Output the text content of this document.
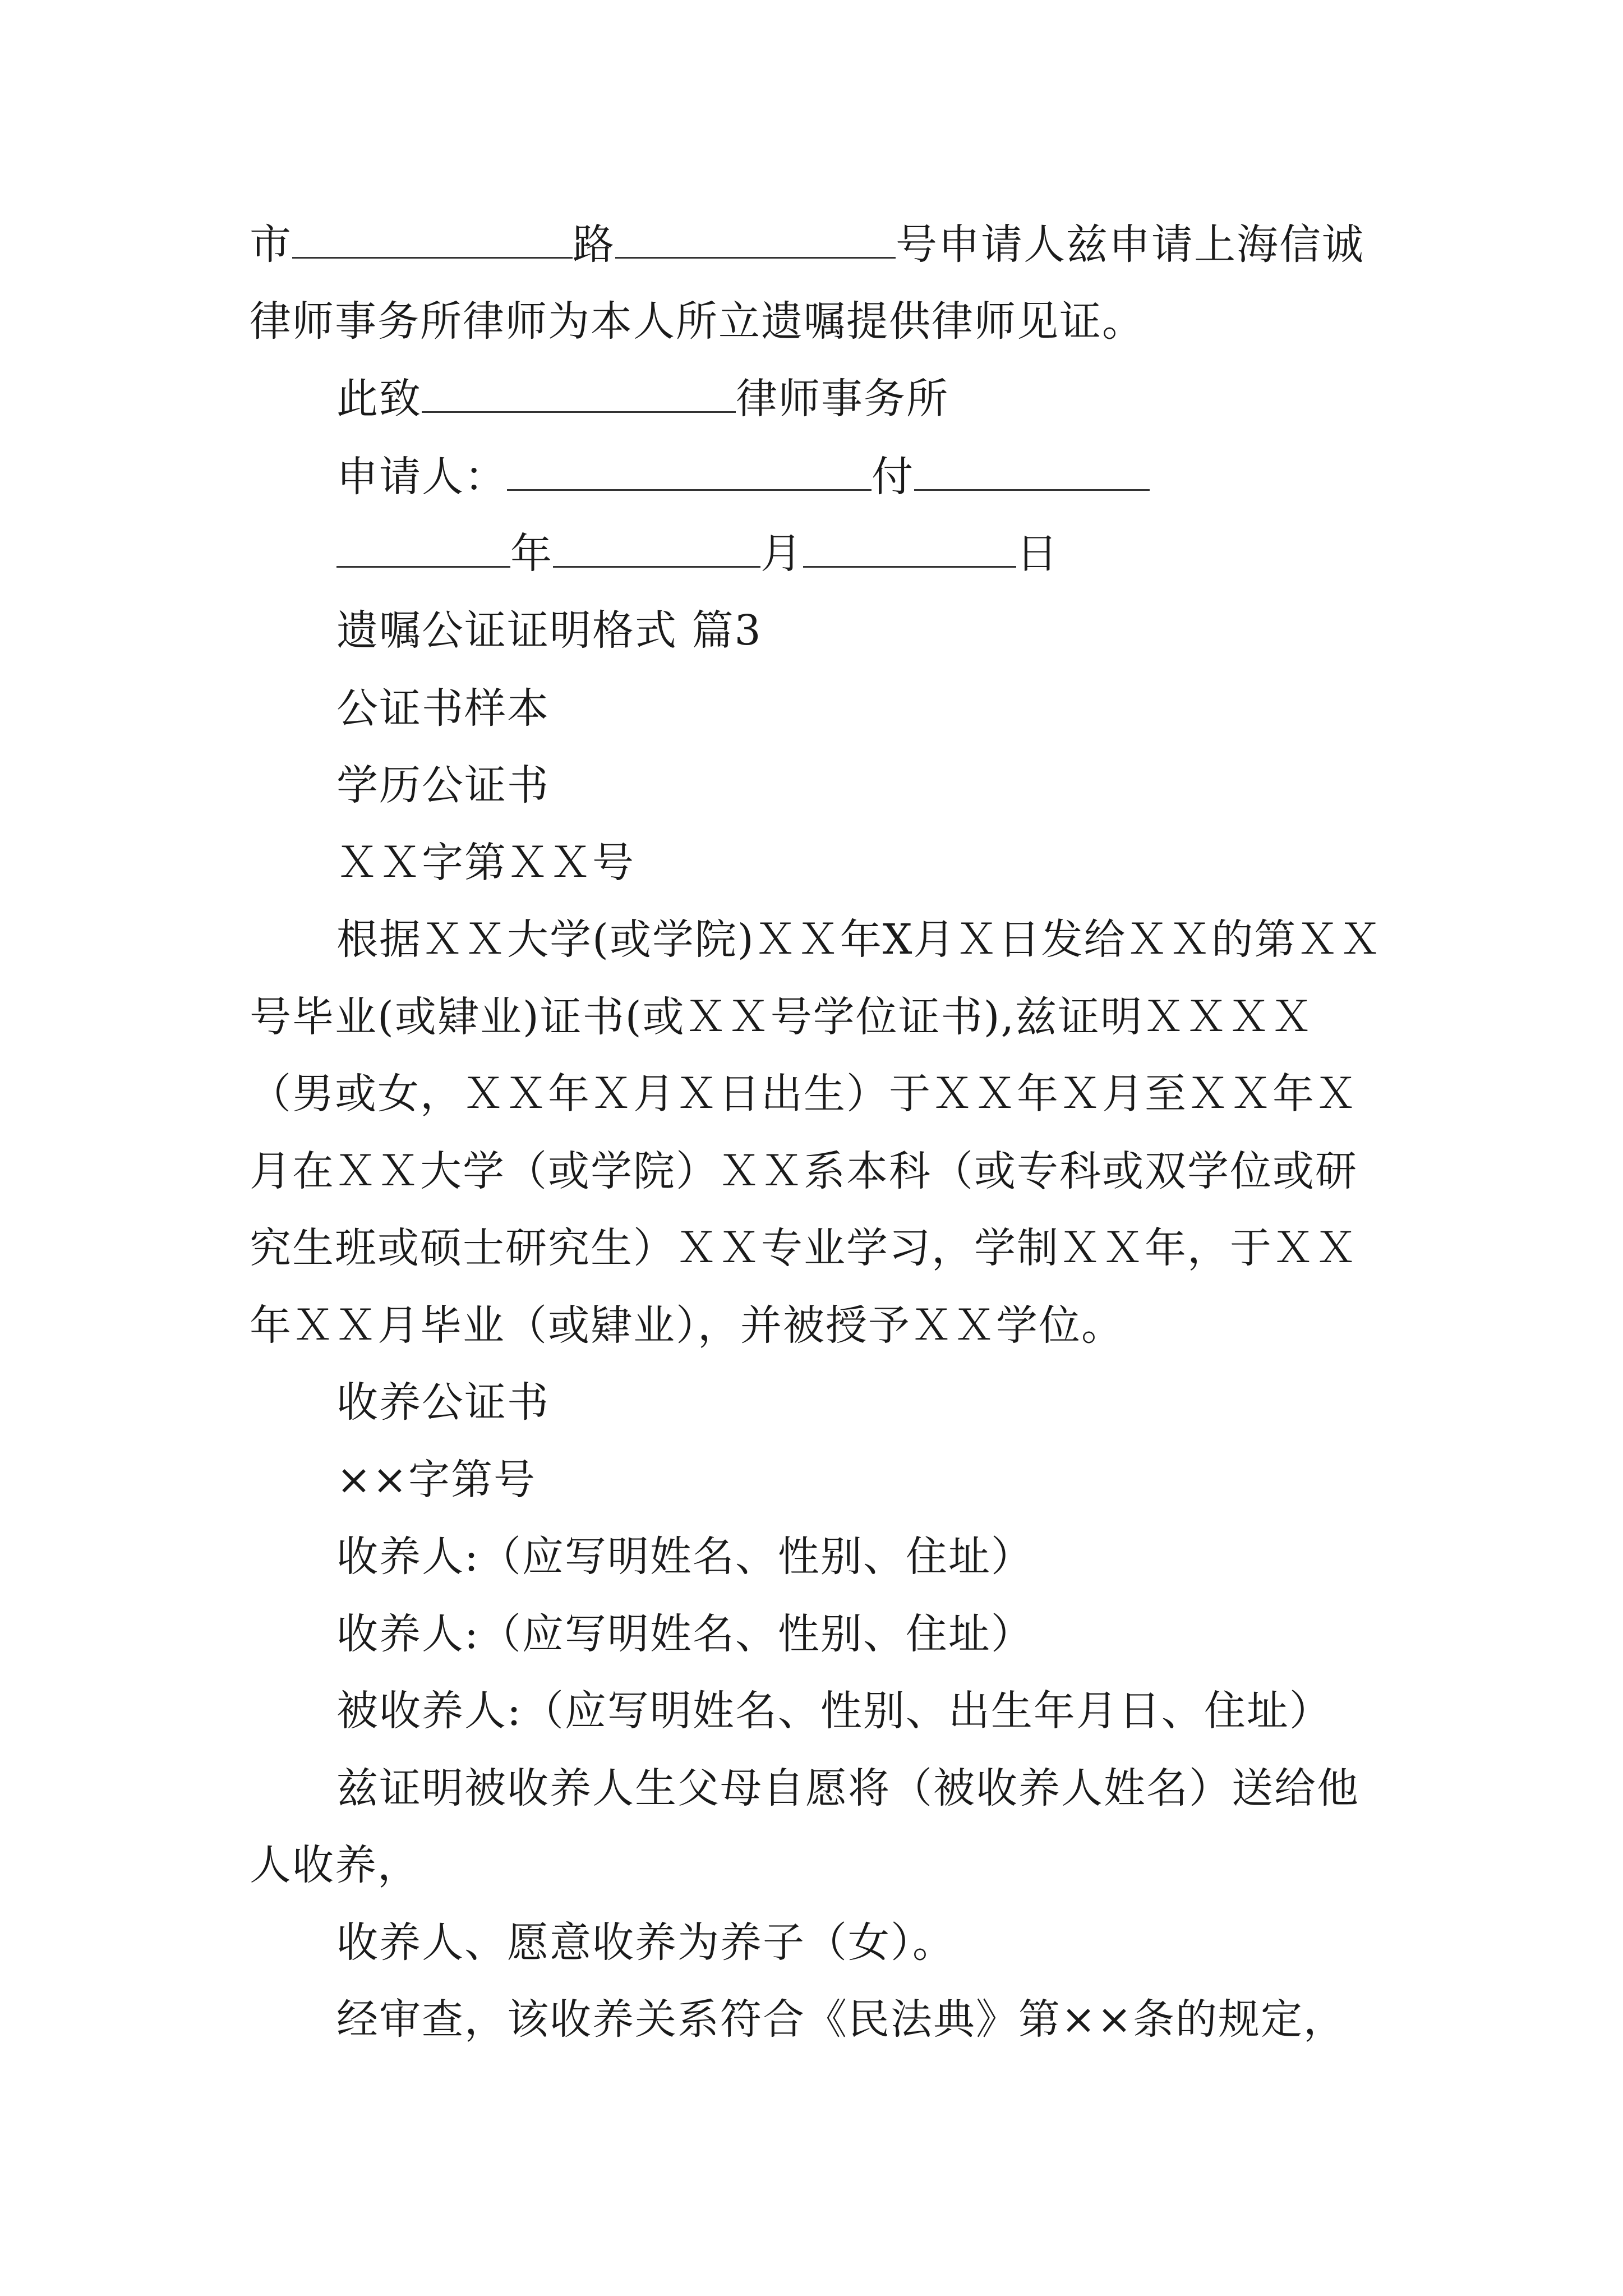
市	路	号申请人兹申请上海信诚
律师事务所律师为本人所立遗嘱提供律师见证。
此致	律师事务所
申请人：	付
年	月	日
遗嘱公证证明格式 篇3
公证书样本
学历公证书
ＸＸ字第ＸＸ号
根据ＸＸ大学(或学院)ＸＸ年X月Ｘ日发给ＸＸ的第ＸＸ
号毕业(或肄业)证书(或ＸＸ号学位证书),兹证明ＸＸＸＸ
（男或女，ＸＸ年Ｘ月Ｘ日出生）于ＸＸ年Ｘ月至ＸＸ年Ｘ
月在ＸＸ大学（或学院）ＸＸ系本科（或专科或双学位或研
究生班或硕士研究生）ＸＸ专业学习，学制ＸＸ年，于ＸＸ
年ＸＸ月毕业（或肄业），并被授予ＸＸ学位。
收养公证书
××字第号
收养人:（应写明姓名、性别、住址）
收养人:（应写明姓名、性别、住址）
被收养人:（应写明姓名、性别、出生年月日、住址）
兹证明被收养人生父母自愿将（被收养人姓名）送给他
人收养，
收养人、愿意收养为养子（女）。
经审查，该收养关系符合《民法典》第××条的规定，
